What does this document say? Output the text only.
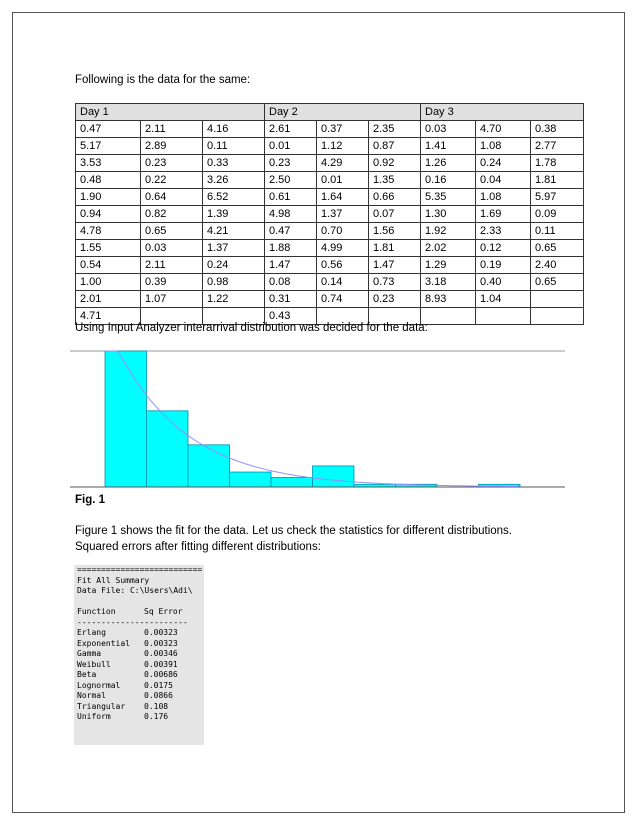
Following is the data for the same:
Day 1			Day 2			Day 3		
0.47	2.11	4.16	2.61	0.37	2.35	0.03	4.70	0.38
5.17	2.89	0.11	0.01	1.12	0.87	1.41	1.08	2.77
3.53	0.23	0.33	0.23	4.29	0.92	1.26	0.24	1.78
0.48	0.22	3.26	2.50	0.01	1.35	0.16	0.04	1.81
1.90	0.64	6.52	0.61	1.64	0.66	5.35	1.08	5.97
0.94	0.82	1.39	4.98	1.37	0.07	1.30	1.69	0.09
4.78	0.65	4.21	0.47	0.70	1.56	1.92	2.33	0.11
1.55	0.03	1.37	1.88	4.99	1.81	2.02	0.12	0.65
0.54	2.11	0.24	1.47	0.56	1.47	1.29	0.19	2.40
1.00	0.39	0.98	0.08	0.14	0.73	3.18	0.40	0.65
2.01	1.07	1.22	0.31	0.74	0.23	8.93	1.04	
4.71			0.43					
Using Input Analyzer interarrival distribution was decided for the data:
Fig. 1
Figure 1 shows the fit for the data. Let us check the statistics for different distributions.
Squared errors after fitting different distributions:
==========================
Fit All Summary
Data File: C:\Users\Adi\

Function	Sq Error
-----------------------
Erlang	0.00323
Exponential	0.00323
Gamma	0.00346
Weibull	0.00391
Beta	0.00686
Lognormal	0.0175
Normal	0.0866
Triangular	0.108
Uniform	0.176
